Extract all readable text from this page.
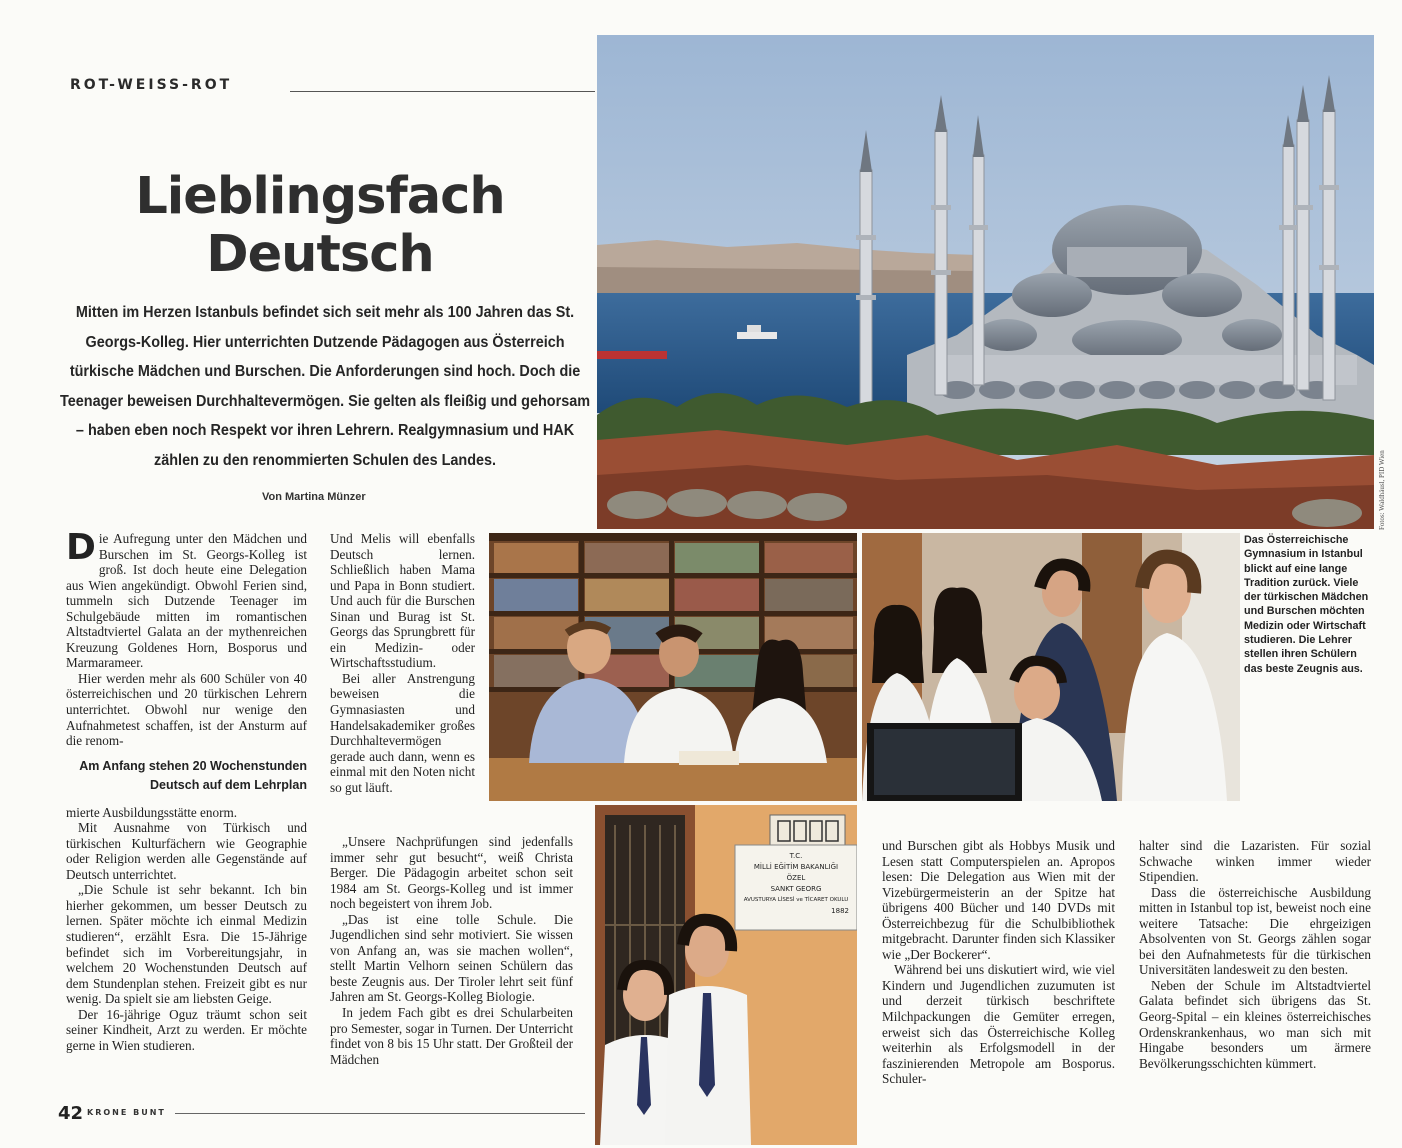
ROT-WEISS-ROT
Lieblingsfach
Deutsch
Mitten im Herzen Istanbuls befindet sich seit mehr als 100 Jahren das St. Georgs-Kolleg. Hier unterrichten Dutzende Pädagogen aus Österreich türkische Mädchen und Burschen. Die Anforderungen sind hoch. Doch die Teenager beweisen Durchhaltevermögen. Sie gelten als fleißig und gehorsam – haben eben noch Respekt vor ihren Lehrern. Realgymnasium und HAK zählen zu den renommierten Schulen des Landes.
Von Martina Münzer	Fotos: Waldhäusl, PID Wien
Das Österreichische Gymnasium in Istanbul blickt auf eine lange Tradition zurück. Viele der türkischen Mädchen und Burschen möchten Medizin oder Wirtschaft studieren. Die Lehrer stellen ihren Schülern das beste Zeugnis aus.
T.C.
MİLLİ EĞİTİM BAKANLIĞI
ÖZEL
SANKT GEORG
AVUSTURYA LİSESİ ve TİCARET OKULU
1882

Die Aufregung unter den Mädchen und Burschen im St. Georgs-Kolleg ist groß. Ist doch heute eine Delegation aus Wien angekündigt. Obwohl Ferien sind, tummeln sich Dutzende Teenager im Schulgebäude mitten im romantischen Altstadtviertel Galata an der mythenreichen Kreuzung Goldenes Horn, Bosporus und Marmarameer.

Hier werden mehr als 600 Schüler von 40 österreichischen und 20 türkischen Lehrern unterrichtet. Obwohl nur wenige den Aufnahmetest schaffen, ist der Ansturm auf die renom-

Am Anfang stehen 20 Wochenstunden Deutsch auf dem Lehrplan

mierte Ausbildungsstätte enorm.

Mit Ausnahme von Türkisch und türkischen Kulturfächern wie Geographie oder Religion werden alle Gegenstände auf Deutsch unterrichtet.

„Die Schule ist sehr bekannt. Ich bin hierher gekommen, um besser Deutsch zu lernen. Später möchte ich einmal Medizin studieren“, erzählt Esra. Die 15-Jährige befindet sich im Vorbereitungsjahr, in welchem 20 Wochenstunden Deutsch auf dem Stundenplan stehen. Freizeit gibt es nur wenig. Da spielt sie am liebsten Geige.

Der 16-jährige Oguz träumt schon seit seiner Kindheit, Arzt zu werden. Er möchte gerne in Wien studieren.

Und Melis will ebenfalls Deutsch lernen. Schließlich haben Mama und Papa in Bonn studiert. Und auch für die Burschen Sinan und Burag ist St. Georgs das Sprungbrett für ein Medizin- oder Wirtschaftsstudium.

Bei aller Anstrengung beweisen die Gymnasiasten und Handelsakademiker großes Durchhaltevermögen gerade auch dann, wenn es einmal mit den Noten nicht so gut läuft.

„Unsere Nachprüfungen sind jedenfalls immer sehr gut besucht“, weiß Christa Berger. Die Pädagogin arbeitet schon seit 1984 am St. Georgs-Kolleg und ist immer noch begeistert von ihrem Job.

„Das ist eine tolle Schule. Die Jugendlichen sind sehr motiviert. Sie wissen von Anfang an, was sie machen wollen“, stellt Martin Velhorn seinen Schülern das beste Zeugnis aus. Der Tiroler lehrt seit fünf Jahren am St. Georgs-Kolleg Biologie.

In jedem Fach gibt es drei Schularbeiten pro Semester, sogar in Turnen. Der Unterricht findet von 8 bis 15 Uhr statt. Der Großteil der Mädchen

und Burschen gibt als Hobbys Musik und Lesen statt Computerspielen an. Apropos lesen: Die Delegation aus Wien mit der Vizebürgermeisterin an der Spitze hat übrigens 400 Bücher und 140 DVDs mit Österreichbezug für die Schulbibliothek mitgebracht. Darunter finden sich Klassiker wie „Der Bockerer“.

Während bei uns diskutiert wird, wie viel Kindern und Jugendlichen zuzumuten ist und derzeit türkisch beschriftete Milchpackungen die Gemüter erregen, erweist sich das Österreichische Kolleg weiterhin als Erfolgsmodell in der faszinierenden Metropole am Bosporus. Schuler-

halter sind die Lazaristen. Für sozial Schwache winken immer wieder Stipendien.

Dass die österreichische Ausbildung mitten in Istanbul top ist, beweist noch eine weitere Tatsache: Die ehrgeizigen Absolventen von St. Georgs zählen sogar bei den Aufnahmetests für die türkischen Universitäten landesweit zu den besten.

Neben der Schule im Altstadtviertel Galata befindet sich übrigens das St. Georg-Spital – ein kleines österreichisches Ordenskrankenhaus, wo man sich mit Hingabe besonders um ärmere Bevölkerungsschichten kümmert.

42 KRONE BUNT
